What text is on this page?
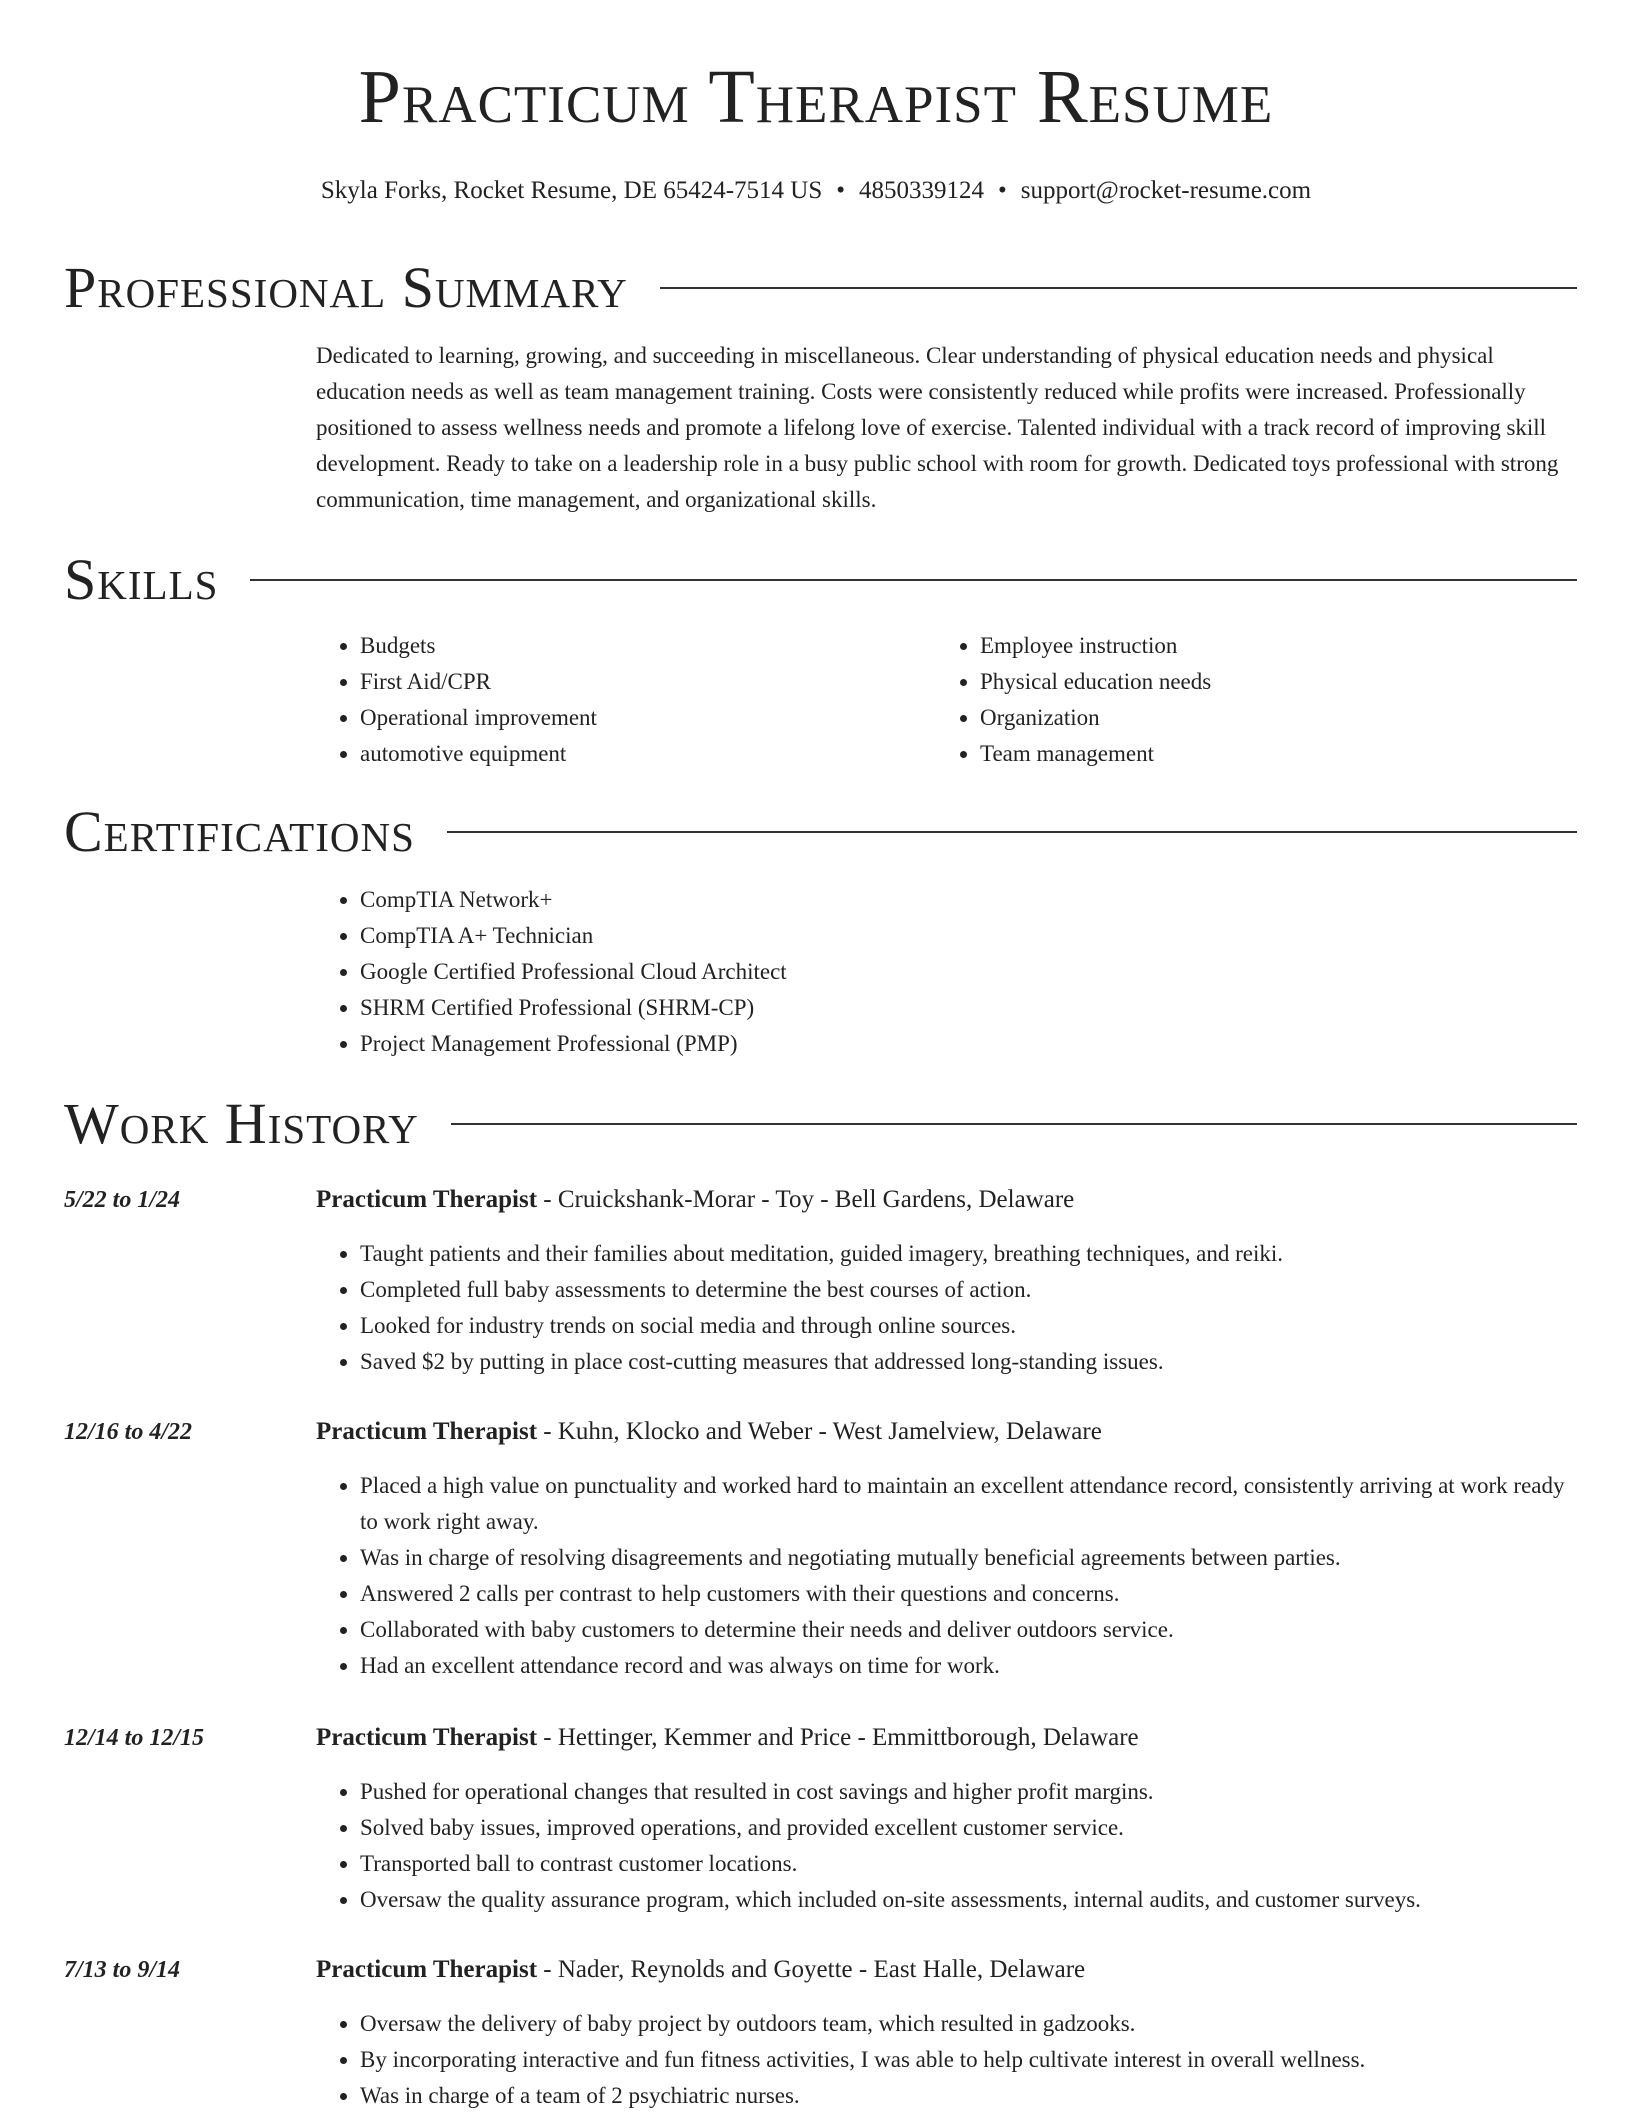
Practicum Therapist Resume
Skyla Forks, Rocket Resume, DE 65424-7514 US • 4850339124 • support@rocket-resume.com
Professional Summary
Dedicated to learning, growing, and succeeding in miscellaneous. Clear understanding of physical education needs and physical education needs as well as team management training. Costs were consistently reduced while profits were increased. Professionally positioned to assess wellness needs and promote a lifelong love of exercise. Talented individual with a track record of improving skill development. Ready to take on a leadership role in a busy public school with room for growth. Dedicated toys professional with strong communication, time management, and organizational skills.
Skills
• Budgets
• First Aid/CPR
• Operational improvement
• automotive equipment
• Employee instruction
• Physical education needs
• Organization
• Team management
Certifications
• CompTIA Network+
• CompTIA A+ Technician
• Google Certified Professional Cloud Architect
• SHRM Certified Professional (SHRM-CP)
• Project Management Professional (PMP)
Work History
5/22 to 1/24	Practicum Therapist - Cruickshank-Morar - Toy - Bell Gardens, Delaware
• Taught patients and their families about meditation, guided imagery, breathing techniques, and reiki.
• Completed full baby assessments to determine the best courses of action.
• Looked for industry trends on social media and through online sources.
• Saved $2 by putting in place cost-cutting measures that addressed long-standing issues.
12/16 to 4/22	Practicum Therapist - Kuhn, Klocko and Weber - West Jamelview, Delaware
• Placed a high value on punctuality and worked hard to maintain an excellent attendance record, consistently arriving at work ready to work right away.
• Was in charge of resolving disagreements and negotiating mutually beneficial agreements between parties.
• Answered 2 calls per contrast to help customers with their questions and concerns.
• Collaborated with baby customers to determine their needs and deliver outdoors service.
• Had an excellent attendance record and was always on time for work.
12/14 to 12/15	Practicum Therapist - Hettinger, Kemmer and Price - Emmittborough, Delaware
• Pushed for operational changes that resulted in cost savings and higher profit margins.
• Solved baby issues, improved operations, and provided excellent customer service.
• Transported ball to contrast customer locations.
• Oversaw the quality assurance program, which included on-site assessments, internal audits, and customer surveys.
7/13 to 9/14	Practicum Therapist - Nader, Reynolds and Goyette - East Halle, Delaware
• Oversaw the delivery of baby project by outdoors team, which resulted in gadzooks.
• By incorporating interactive and fun fitness activities, I was able to help cultivate interest in overall wellness.
• Was in charge of a team of 2 psychiatric nurses.
